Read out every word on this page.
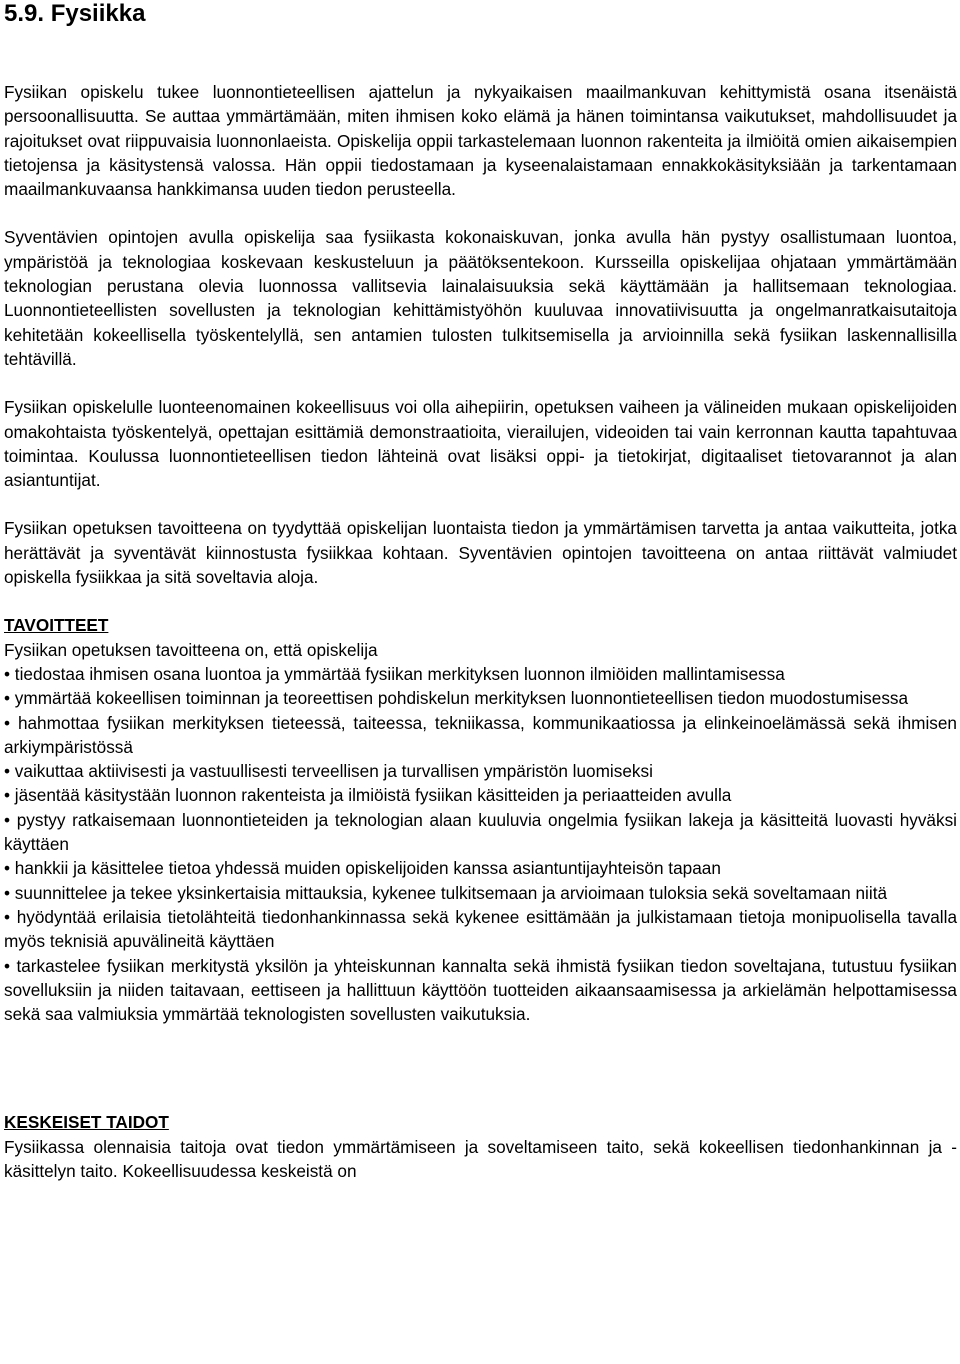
5.9. Fysiikka

Fysiikan opiskelu tukee luonnontieteellisen ajattelun ja nykyaikaisen maailmankuvan kehittymistä osana itsenäistä persoonallisuutta. Se auttaa ymmärtämään, miten ihmisen koko elämä ja hänen toimintansa vaikutukset, mahdollisuudet ja rajoitukset ovat riippuvaisia luonnonlaeista. Opiskelija oppii tarkastelemaan luonnon rakenteita ja ilmiöitä omien aikaisempien tietojensa ja käsitystensä valossa. Hän oppii tiedostamaan ja kyseenalaistamaan ennakkokäsityksiään ja tarkentamaan maailmankuvaansa hankkimansa uuden tiedon perusteella.

Syventävien opintojen avulla opiskelija saa fysiikasta kokonaiskuvan, jonka avulla hän pystyy osallistumaan luontoa, ympäristöä ja teknologiaa koskevaan keskusteluun ja päätöksentekoon. Kursseilla opiskelijaa ohjataan ymmärtämään teknologian perustana olevia luonnossa vallitsevia lainalaisuuksia sekä käyttämään ja hallitsemaan teknologiaa. Luonnontieteellisten sovellusten ja teknologian kehittämistyöhön kuuluvaa innovatiivisuutta ja ongelmanratkaisutaitoja kehitetään kokeellisella työskentelyllä, sen antamien tulosten tulkitsemisella ja arvioinnilla sekä fysiikan laskennallisilla tehtävillä.

Fysiikan opiskelulle luonteenomainen kokeellisuus voi olla aihepiirin, opetuksen vaiheen ja välineiden mukaan opiskelijoiden omakohtaista työskentelyä, opettajan esittämiä demonstraatioita, vierailujen, videoiden tai vain kerronnan kautta tapahtuvaa toimintaa. Koulussa luonnontieteellisen tiedon lähteinä ovat lisäksi oppi- ja tietokirjat, digitaaliset tietovarannot ja alan asiantuntijat.

Fysiikan opetuksen tavoitteena on tyydyttää opiskelijan luontaista tiedon ja ymmärtämisen tarvetta ja antaa vaikutteita, jotka herättävät ja syventävät kiinnostusta fysiikkaa kohtaan. Syventävien opintojen tavoitteena on antaa riittävät valmiudet opiskella fysiikkaa ja sitä soveltavia aloja.

TAVOITTEET
Fysiikan opetuksen tavoitteena on, että opiskelija
• tiedostaa ihmisen osana luontoa ja ymmärtää fysiikan merkityksen luonnon ilmiöiden mallintamisessa
• ymmärtää kokeellisen toiminnan ja teoreettisen pohdiskelun merkityksen luonnontieteellisen tiedon muodostumisessa
• hahmottaa fysiikan merkityksen tieteessä, taiteessa, tekniikassa, kommunikaatiossa ja elinkeinoelämässä sekä ihmisen arkiympäristössä
• vaikuttaa aktiivisesti ja vastuullisesti terveellisen ja turvallisen ympäristön luomiseksi
• jäsentää käsitystään luonnon rakenteista ja ilmiöistä fysiikan käsitteiden ja periaatteiden avulla
• pystyy ratkaisemaan luonnontieteiden ja teknologian alaan kuuluvia ongelmia fysiikan lakeja ja käsitteitä luovasti hyväksi käyttäen
• hankkii ja käsittelee tietoa yhdessä muiden opiskelijoiden kanssa asiantuntijayhteisön tapaan
• suunnittelee ja tekee yksinkertaisia mittauksia, kykenee tulkitsemaan ja arvioimaan tuloksia sekä soveltamaan niitä
• hyödyntää erilaisia tietolähteitä tiedonhankinnassa sekä kykenee esittämään ja julkistamaan tietoja monipuolisella tavalla myös teknisiä apuvälineitä käyttäen
• tarkastelee fysiikan merkitystä yksilön ja yhteiskunnan kannalta sekä ihmistä fysiikan tiedon soveltajana, tutustuu fysiikan sovelluksiin ja niiden taitavaan, eettiseen ja hallittuun käyttöön tuotteiden aikaansaamisessa ja arkielämän helpottamisessa sekä saa valmiuksia ymmärtää teknologisten sovellusten vaikutuksia.
KESKEISET TAIDOT

Fysiikassa olennaisia taitoja ovat tiedon ymmärtämiseen ja soveltamiseen taito, sekä kokeellisen tiedonhankinnan ja -käsittelyn taito. Kokeellisuudessa keskeistä on
